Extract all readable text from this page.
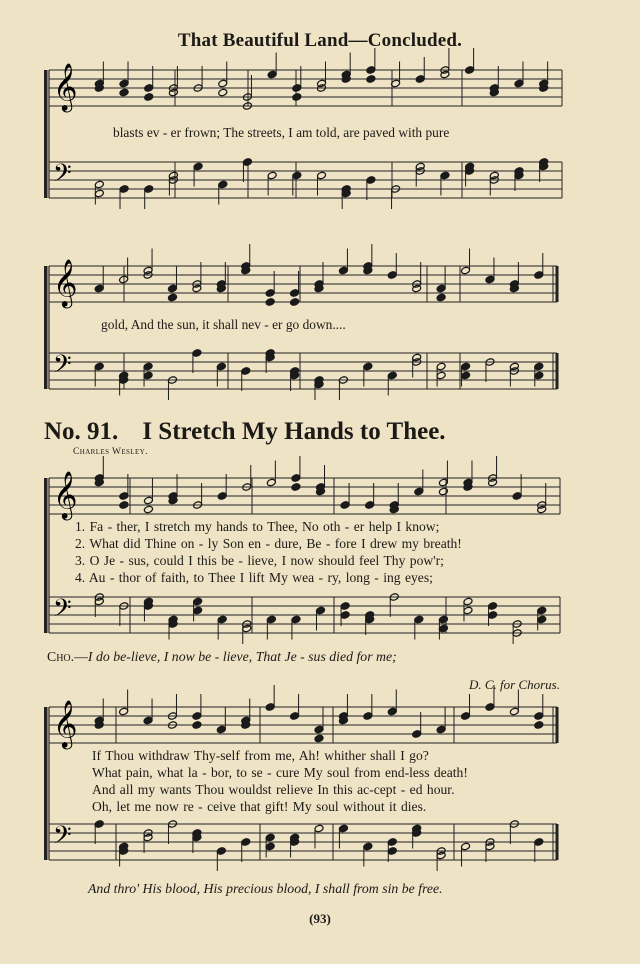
That Beautiful Land—Concluded.
𝄞
𝄢
𝄞
𝄢
𝄞
𝄢
𝄞
𝄢
blasts ev - er frown; The streets, I am told, are paved with pure
gold, And the sun, it shall nev - er go down....
No. 91. I Stretch My Hands to Thee.
Charles Wesley.
1. Fa - ther, I stretch my hands to Thee, No oth - er help I know;
2. What did Thine on - ly Son en - dure, Be - fore I drew my breath!
3. O Je - sus, could I this be - lieve, I now should feel Thy pow'r;
4. Au - thor of faith, to Thee I lift My wea - ry, long - ing eyes;
Cho.—I do be-lieve, I now be - lieve, That Je - sus died for me;
D. C. for Chorus.
If Thou withdraw Thy-self from me, Ah! whither shall I go?
What pain, what la - bor, to se - cure My soul from end-less death!
And all my wants Thou wouldst relieve In this ac-cept - ed hour.
Oh, let me now re - ceive that gift! My soul without it dies.
And thro' His blood, His precious blood, I shall from sin be free.
(93)
